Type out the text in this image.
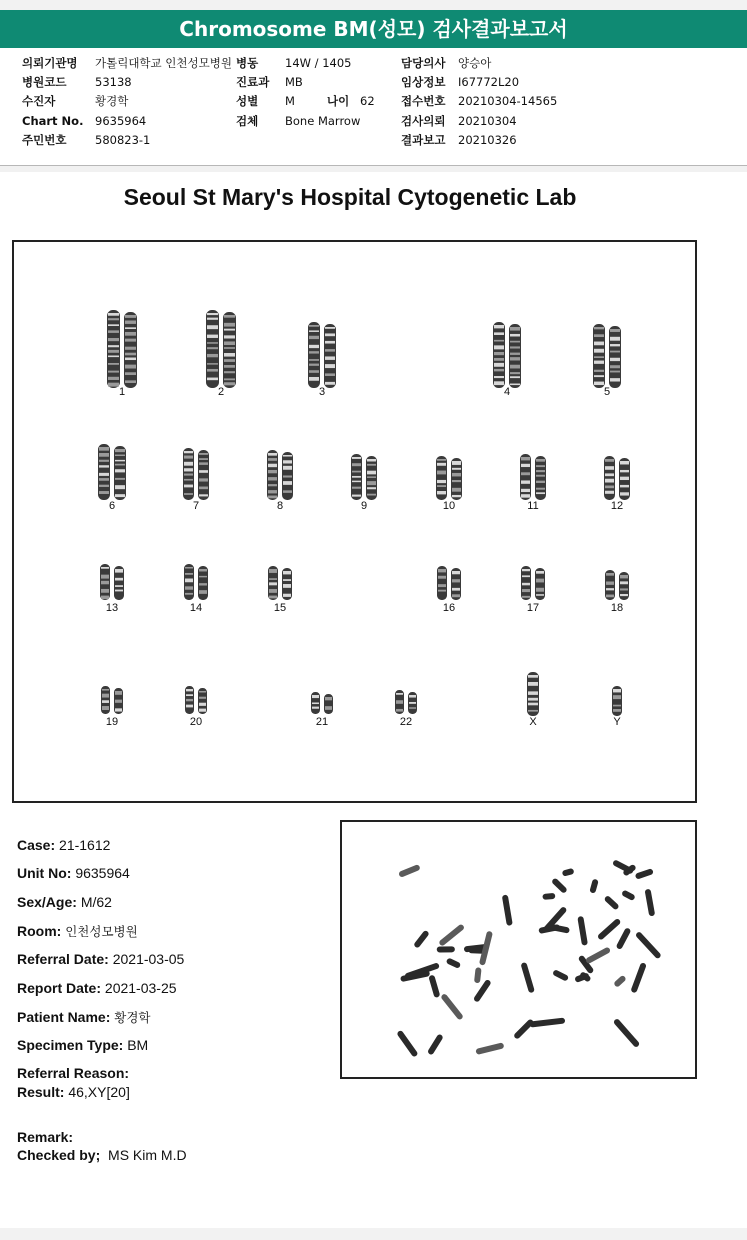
Chromosome BM(성모) 검사결과보고서
의뢰기관명 가톨릭대학교 인천성모병원 병동 14W / 1405	담당의사 양승아
병원코드 53138	진료과 MB	임상정보 I67772L20
수진자	황경학	성별 M	나이 62 접수번호 20210304-14565
Chart No. 9635964	검체 Bone Marrow	검사의뢰 20210304
주민번호 580823-1	결과보고 20210326
Seoul St Mary's Hospital Cytogenetic Lab
1	2	3	4	5
6	7	8	9	10	11	12
13	14	15	16	17	18
19	20	21	22	X	Y
Case: 21-1612
Unit No: 9635964
Sex/Age: M/62
Room: 인천성모병원
Referral Date: 2021-03-05
Report Date: 2021-03-25
Patient Name: 황경학
Specimen Type: BM
Referral Reason:
Result: 46,XY[20]
Remark:
Checked by; MS Kim M.D
